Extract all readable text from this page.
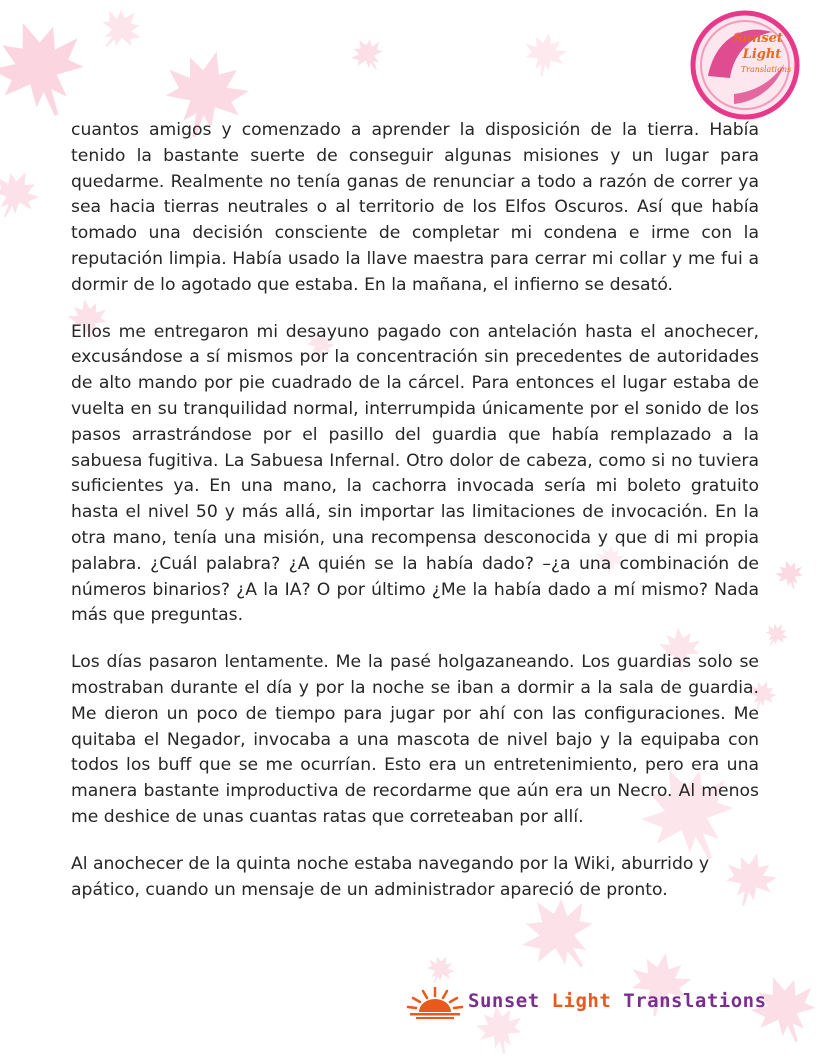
Sunset
Light
Translations

cuantos amigos y comenzado a aprender la disposición de la tierra. Había tenido la bastante suerte de conseguir algunas misiones y un lugar para quedarme. Realmente no tenía ganas de renunciar a todo a razón de correr ya sea hacia tierras neutrales o al territorio de los Elfos Oscuros. Así que había tomado una decisión consciente de completar mi condena e irme con la reputación limpia. Había usado la llave maestra para cerrar mi collar y me fui a dormir de lo agotado que estaba. En la mañana, el infierno se desató.

Ellos me entregaron mi desayuno pagado con antelación hasta el anochecer, excusándose a sí mismos por la concentración sin precedentes de autoridades de alto mando por pie cuadrado de la cárcel. Para entonces el lugar estaba de vuelta en su tranquilidad normal, interrumpida únicamente por el sonido de los pasos arrastrándose por el pasillo del guardia que había remplazado a la sabuesa fugitiva. La Sabuesa Infernal. Otro dolor de cabeza, como si no tuviera suficientes ya. En una mano, la cachorra invocada sería mi boleto gratuito hasta el nivel 50 y más allá, sin importar las limitaciones de invocación. En la otra mano, tenía una misión, una recompensa desconocida y que di mi propia palabra. ¿Cuál palabra? ¿A quién se la había dado? –¿a una combinación de números binarios? ¿A la IA? O por último ¿Me la había dado a mí mismo? Nada más que preguntas.

Los días pasaron lentamente. Me la pasé holgazaneando. Los guardias solo se mostraban durante el día y por la noche se iban a dormir a la sala de guardia. Me dieron un poco de tiempo para jugar por ahí con las configuraciones. Me quitaba el Negador, invocaba a una mascota de nivel bajo y la equipaba con todos los buff que se me ocurrían. Esto era un entretenimiento, pero era una manera bastante improductiva de recordarme que aún era un Necro. Al menos me deshice de unas cuantas ratas que correteaban por allí.

Al anochecer de la quinta noche estaba navegando por la Wiki, aburrido y apático, cuando un mensaje de un administrador apareció de pronto.

Sunset Light Translations
